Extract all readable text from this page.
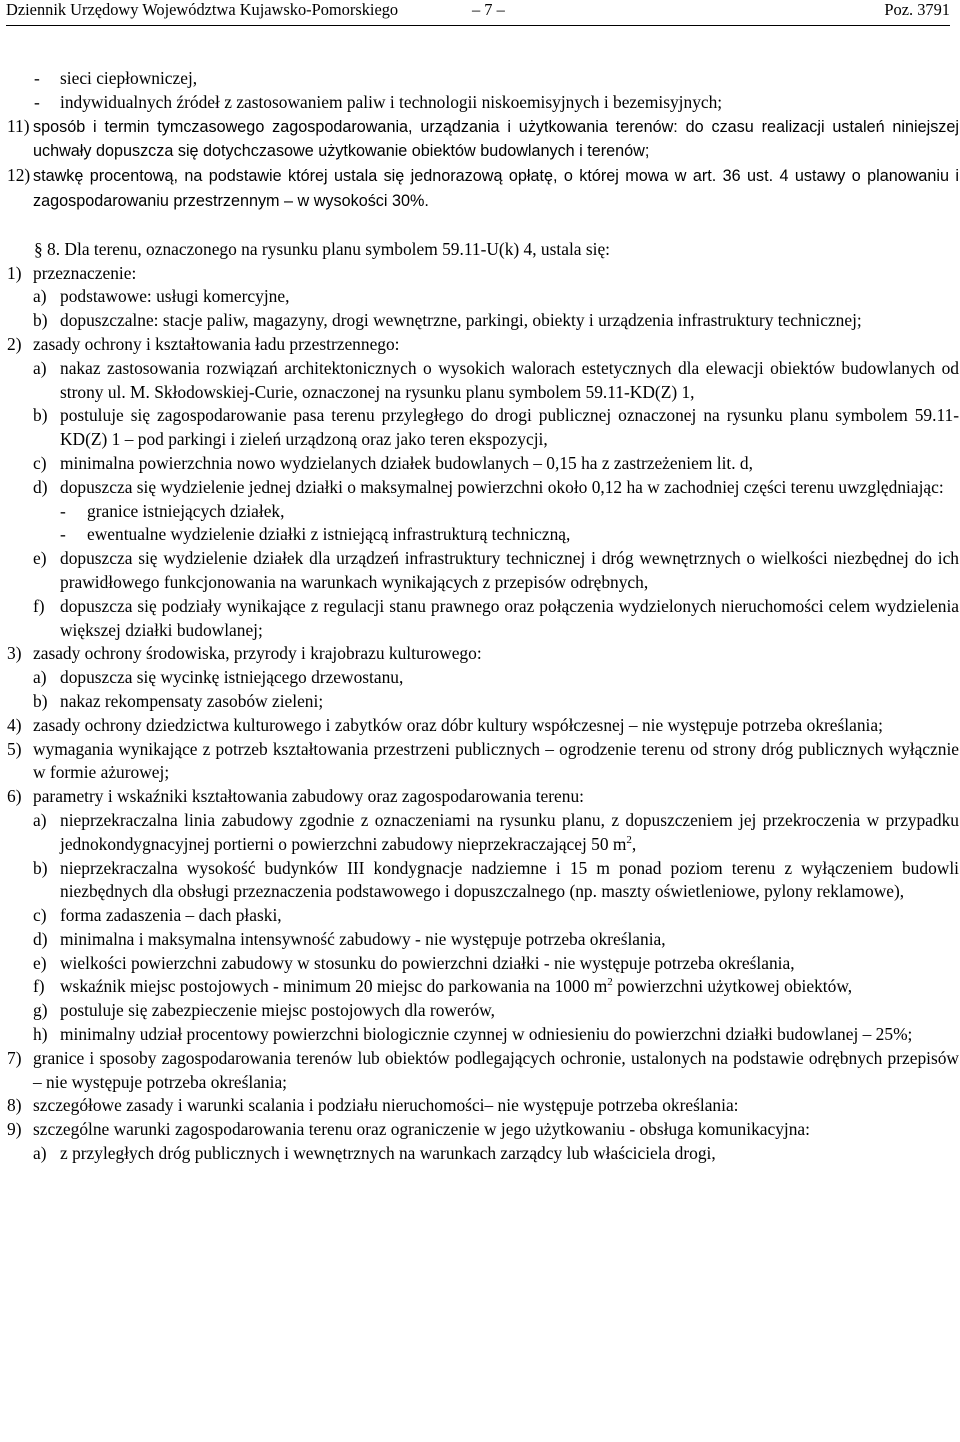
Dziennik Urzędowy Województwa Kujawsko-Pomorskiego	– 7 –	Poz. 3791
- sieci ciepłowniczej,
- indywidualnych źródeł z zastosowaniem paliw i technologii niskoemisyjnych i bezemisyjnych;
11) sposób i termin tymczasowego zagospodarowania, urządzania i użytkowania terenów: do czasu realizacji ustaleń niniejszej uchwały dopuszcza się dotychczasowe użytkowanie obiektów budowlanych i terenów;
12) stawkę procentową, na podstawie której ustala się jednorazową opłatę, o której mowa w art. 36 ust. 4 ustawy o planowaniu i zagospodarowaniu przestrzennym – w wysokości 30%.
§ 8. Dla terenu, oznaczonego na rysunku planu symbolem 59.11-U(k) 4, ustala się:
1) przeznaczenie:
a) podstawowe: usługi komercyjne,
b) dopuszczalne: stacje paliw, magazyny, drogi wewnętrzne, parkingi, obiekty i urządzenia infrastruktury technicznej;
2) zasady ochrony i kształtowania ładu przestrzennego:
a) nakaz zastosowania rozwiązań architektonicznych o wysokich walorach estetycznych dla elewacji obiektów budowlanych od strony ul. M. Skłodowskiej-Curie, oznaczonej na rysunku planu symbolem 59.11-KD(Z) 1,
b) postuluje się zagospodarowanie pasa terenu przyległego do drogi publicznej oznaczonej na rysunku planu symbolem 59.11-KD(Z) 1 – pod parkingi i zieleń urządzoną oraz jako teren ekspozycji,
c) minimalna powierzchnia nowo wydzielanych działek budowlanych – 0,15 ha z zastrzeżeniem lit. d,
d) dopuszcza się wydzielenie jednej działki o maksymalnej powierzchni około 0,12 ha w zachodniej części terenu uwzględniając:
- granice istniejących działek,
- ewentualne wydzielenie działki z istniejącą infrastrukturą techniczną,
e) dopuszcza się wydzielenie działek dla urządzeń infrastruktury technicznej i dróg wewnętrznych o wielkości niezbędnej do ich prawidłowego funkcjonowania na warunkach wynikających z przepisów odrębnych,
f) dopuszcza się podziały wynikające z regulacji stanu prawnego oraz połączenia wydzielonych nieruchomości celem wydzielenia większej działki budowlanej;
3) zasady ochrony środowiska, przyrody i krajobrazu kulturowego:
a) dopuszcza się wycinkę istniejącego drzewostanu,
b) nakaz rekompensaty zasobów zieleni;
4) zasady ochrony dziedzictwa kulturowego i zabytków oraz dóbr kultury współczesnej – nie występuje potrzeba określania;
5) wymagania wynikające z potrzeb kształtowania przestrzeni publicznych – ogrodzenie terenu od strony dróg publicznych wyłącznie w formie ażurowej;
6) parametry i wskaźniki kształtowania zabudowy oraz zagospodarowania terenu:
a) nieprzekraczalna linia zabudowy zgodnie z oznaczeniami na rysunku planu, z dopuszczeniem jej przekroczenia w przypadku jednokondygnacyjnej portierni o powierzchni zabudowy nieprzekraczającej 50 $m^2$,
b) nieprzekraczalna wysokość budynków III kondygnacje nadziemne i 15 m ponad poziom terenu z wyłączeniem budowli niezbędnych dla obsługi przeznaczenia podstawowego i dopuszczalnego (np. maszty oświetleniowe, pylony reklamowe),
c) forma zadaszenia – dach płaski,
d) minimalna i maksymalna intensywność zabudowy - nie występuje potrzeba określania,
e) wielkości powierzchni zabudowy w stosunku do powierzchni działki - nie występuje potrzeba określania,
f) wskaźnik miejsc postojowych - minimum 20 miejsc do parkowania na 1000 $m^2$ powierzchni użytkowej obiektów,
g) postuluje się zabezpieczenie miejsc postojowych dla rowerów,
h) minimalny udział procentowy powierzchni biologicznie czynnej w odniesieniu do powierzchni działki budowlanej – 25%;
7) granice i sposoby zagospodarowania terenów lub obiektów podlegających ochronie, ustalonych na podstawie odrębnych przepisów – nie występuje potrzeba określania;
8) szczegółowe zasady i warunki scalania i podziału nieruchomości– nie występuje potrzeba określania:
9) szczególne warunki zagospodarowania terenu oraz ograniczenie w jego użytkowaniu - obsługa komunikacyjna:
a) z przyległych dróg publicznych i wewnętrznych na warunkach zarządcy lub właściciela drogi,
